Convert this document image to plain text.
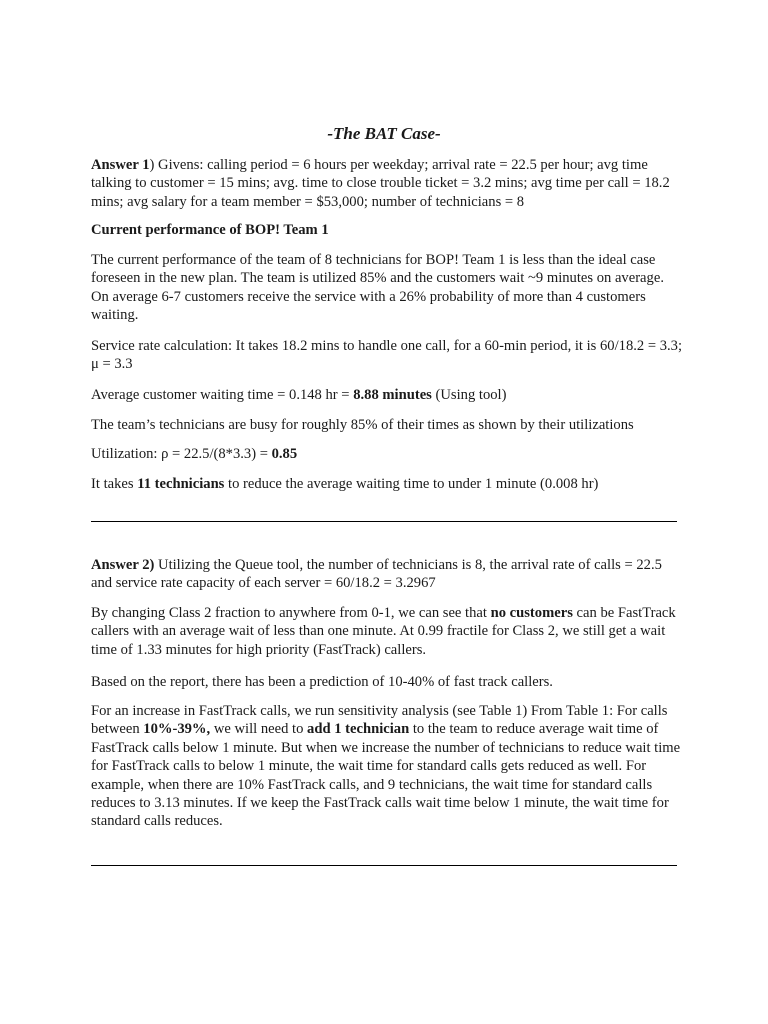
-The BAT Case-

Answer 1) Givens: calling period = 6 hours per weekday; arrival rate = 22.5 per hour; avg time talking to customer = 15 mins; avg. time to close trouble ticket = 3.2 mins; avg time per call = 18.2 mins; avg salary for a team member = $53,000; number of technicians = 8

Current performance of BOP! Team 1

The current performance of the team of 8 technicians for BOP! Team 1 is less than the ideal case foreseen in the new plan. The team is utilized 85% and the customers wait ~9 minutes on average. On average 6-7 customers receive the service with a 26% probability of more than 4 customers waiting.

Service rate calculation: It takes 18.2 mins to handle one call, for a 60-min period, it is 60/18.2 = 3.3; μ = 3.3

Average customer waiting time = 0.148 hr = 8.88 minutes (Using tool)

The team’s technicians are busy for roughly 85% of their times as shown by their utilizations

Utilization: ρ = 22.5/(8*3.3) = 0.85

It takes 11 technicians to reduce the average waiting time to under 1 minute (0.008 hr)

Answer 2) Utilizing the Queue tool, the number of technicians is 8, the arrival rate of calls = 22.5 and service rate capacity of each server = 60/18.2 = 3.2967

By changing Class 2 fraction to anywhere from 0-1, we can see that no customers can be FastTrack callers with an average wait of less than one minute. At 0.99 fractile for Class 2, we still get a wait time of 1.33 minutes for high priority (FastTrack) callers.

Based on the report, there has been a prediction of 10-40% of fast track callers.

For an increase in FastTrack calls, we run sensitivity analysis (see Table 1) From Table 1: For calls between 10%-39%, we will need to add 1 technician to the team to reduce average wait time of FastTrack calls below 1 minute. But when we increase the number of technicians to reduce wait time for FastTrack calls to below 1 minute, the wait time for standard calls gets reduced as well. For example, when there are 10% FastTrack calls, and 9 technicians, the wait time for standard calls reduces to 3.13 minutes. If we keep the FastTrack calls wait time below 1 minute, the wait time for standard calls reduces.
